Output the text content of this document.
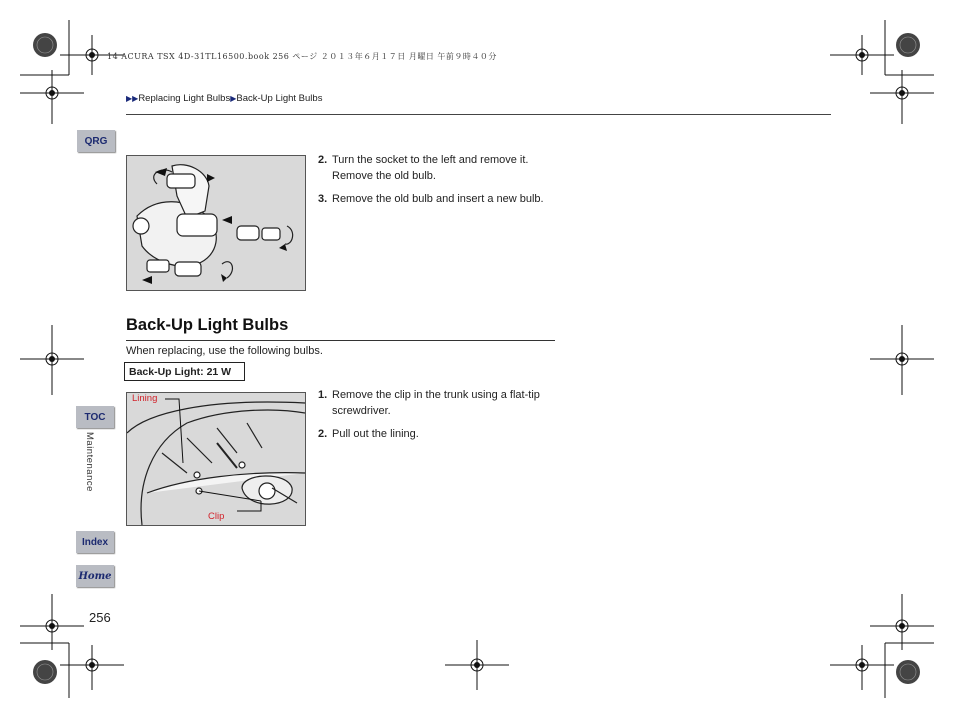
14 ACURA TSX 4D-31TL16500.book 256 ページ ２０１３年６月１７日 月曜日 午前９時４０分
▶▶Replacing Light Bulbs▶Back-Up Light Bulbs
QRG
TOC
Maintenance
Index
Home
256
2. Turn the socket to the left and remove it. Remove the old bulb.
3. Remove the old bulb and insert a new bulb.
Back-Up Light Bulbs
When replacing, use the following bulbs.
Back-Up Light: 21 W
Lining
Clip
1. Remove the clip in the trunk using a flat-tip screwdriver.
2. Pull out the lining.
